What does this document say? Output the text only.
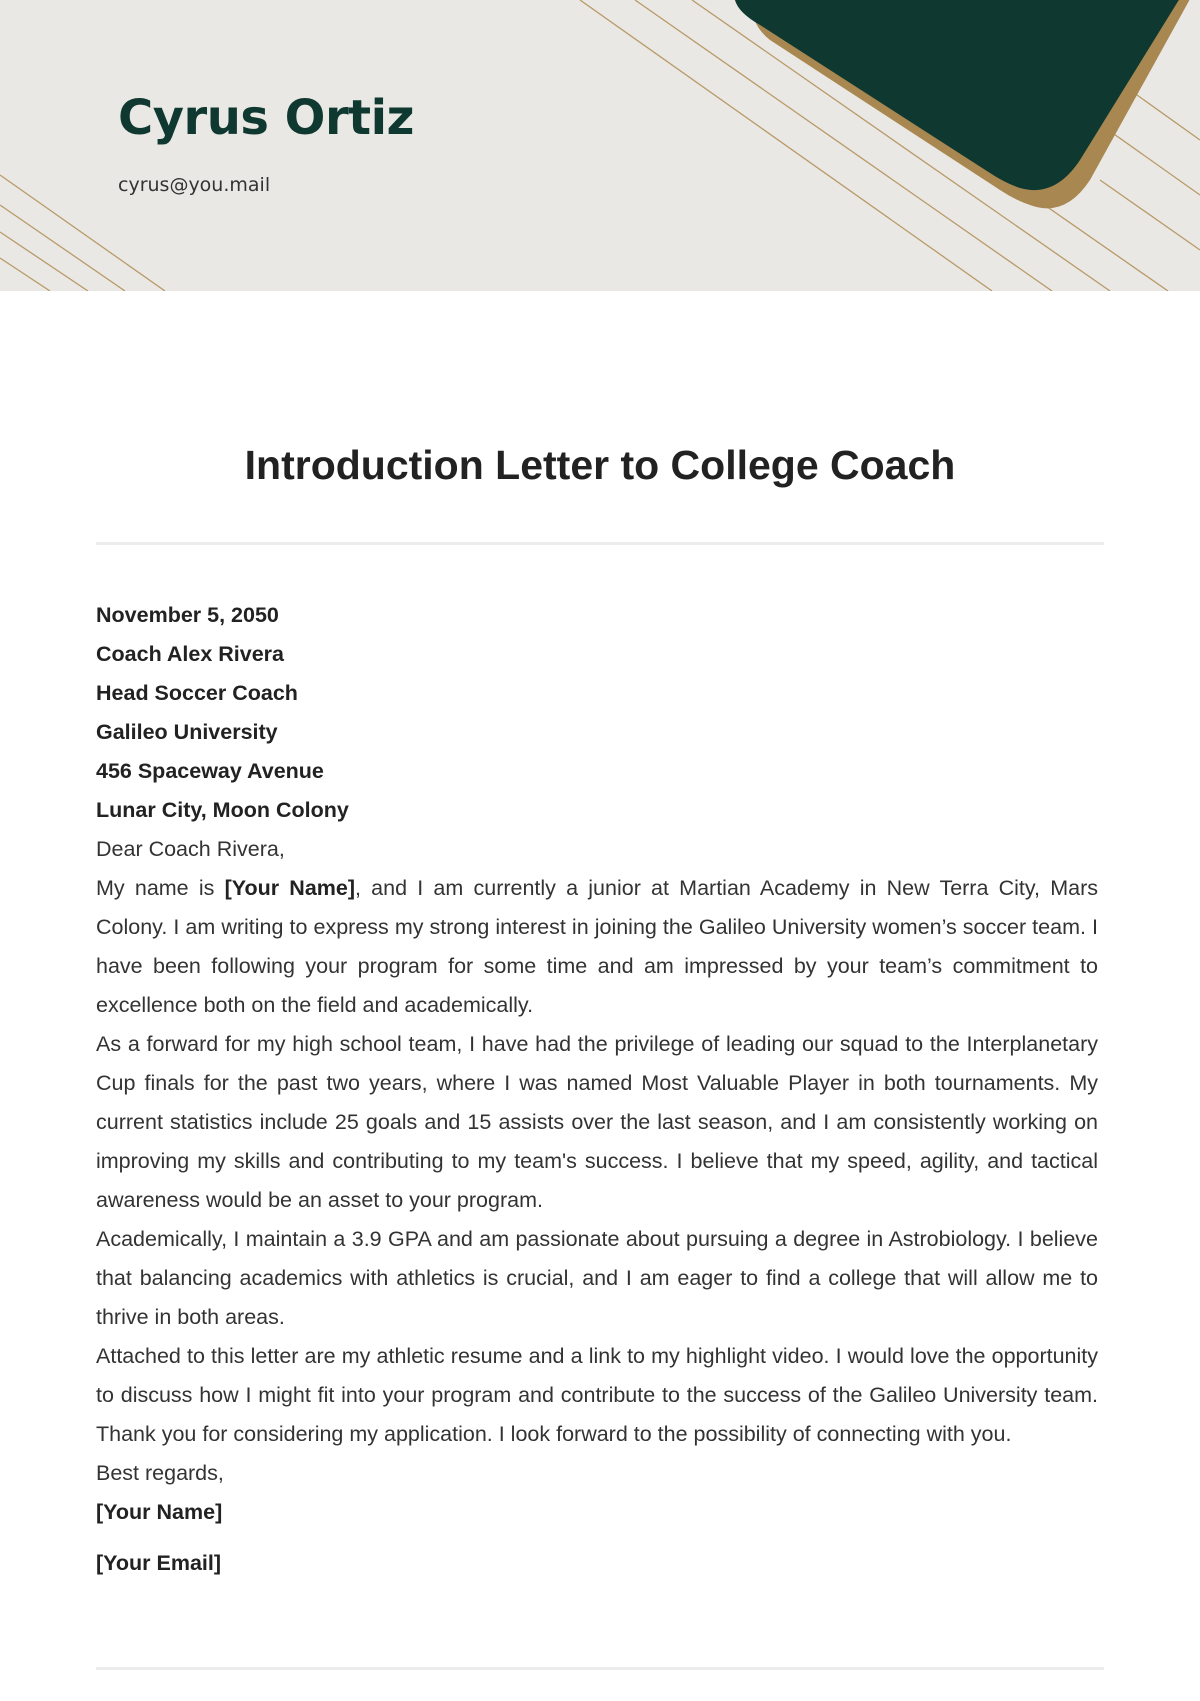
Cyrus Ortiz
cyrus@you.mail
Introduction Letter to College Coach

November 5, 2050

Coach Alex Rivera

Head Soccer Coach

Galileo University

456 Spaceway Avenue

Lunar City, Moon Colony

Dear Coach Rivera,

My name is [Your Name], and I am currently a junior at Martian Academy in New Terra City, Mars Colony. I am writing to express my strong interest in joining the Galileo University women’s soccer team. I have been following your program for some time and am impressed by your team’s commitment to excellence both on the field and academically.

As a forward for my high school team, I have had the privilege of leading our squad to the Interplanetary Cup finals for the past two years, where I was named Most Valuable Player in both tournaments. My current statistics include 25 goals and 15 assists over the last season, and I am consistently working on improving my skills and contributing to my team's success. I believe that my speed, agility, and tactical awareness would be an asset to your program.

Academically, I maintain a 3.9 GPA and am passionate about pursuing a degree in Astrobiology. I believe that balancing academics with athletics is crucial, and I am eager to find a college that will allow me to thrive in both areas.

Attached to this letter are my athletic resume and a link to my highlight video. I would love the opportunity to discuss how I might fit into your program and contribute to the success of the Galileo University team. Thank you for considering my application. I look forward to the possibility of connecting with you.

Best regards,

[Your Name]

[Your Email]
